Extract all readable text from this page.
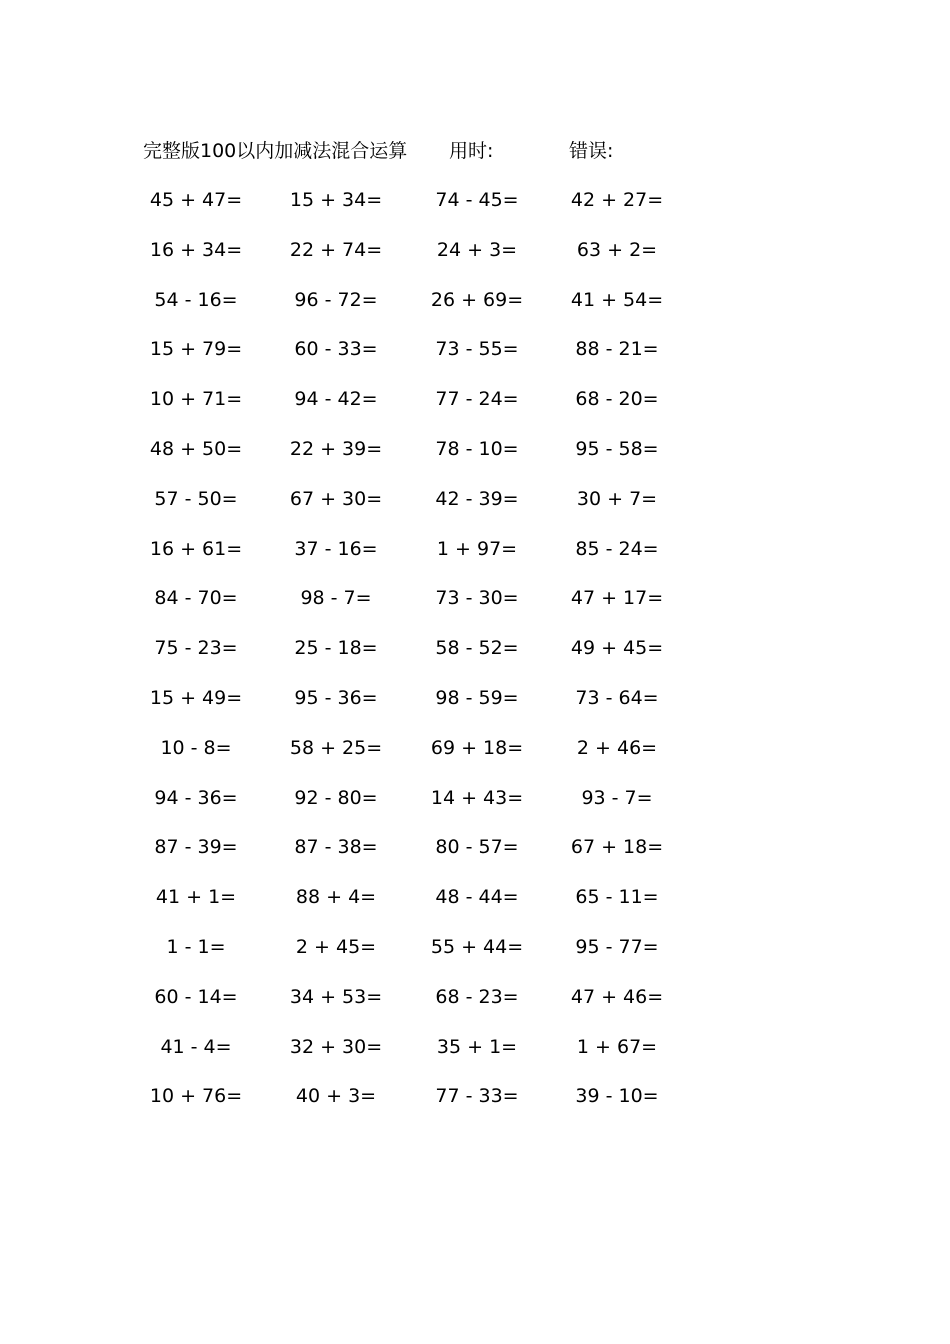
完整版100以内加减法混合运算 用时:	错误:
45 + 47=	15 + 34=	74 - 45=	42 + 27=
16 + 34=	22 + 74=	24 + 3=	63 + 2=
54 - 16=	96 - 72=	26 + 69=	41 + 54=
15 + 79=	60 - 33=	73 - 55=	88 - 21=
10 + 71=	94 - 42=	77 - 24=	68 - 20=
48 + 50=	22 + 39=	78 - 10=	95 - 58=
57 - 50=	67 + 30=	42 - 39=	30 + 7=
16 + 61=	37 - 16=	1 + 97=	85 - 24=
84 - 70=	98 - 7=	73 - 30=	47 + 17=
75 - 23=	25 - 18=	58 - 52=	49 + 45=
15 + 49=	95 - 36=	98 - 59=	73 - 64=
10 - 8=	58 + 25=	69 + 18=	2 + 46=
94 - 36=	92 - 80=	14 + 43=	93 - 7=
87 - 39=	87 - 38=	80 - 57=	67 + 18=
41 + 1=	88 + 4=	48 - 44=	65 - 11=
1 - 1=	2 + 45=	55 + 44=	95 - 77=
60 - 14=	34 + 53=	68 - 23=	47 + 46=
41 - 4=	32 + 30=	35 + 1=	1 + 67=
10 + 76=	40 + 3=	77 - 33=	39 - 10=
